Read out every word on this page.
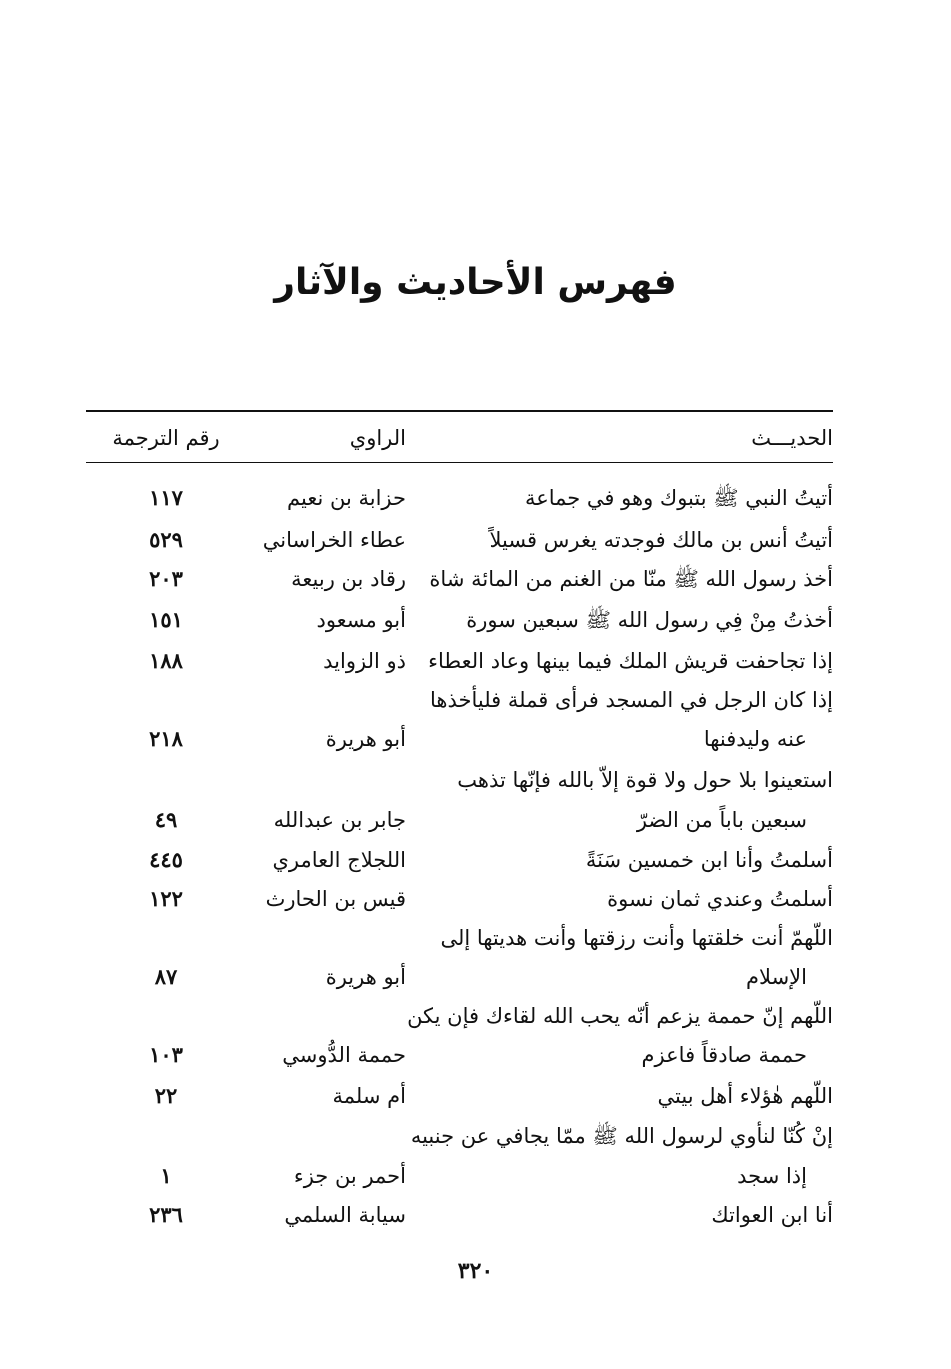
فهرس الأحاديث والآثار
الحديـــث
الراوي
رقم الترجمة
أتيتُ النبي ﷺ بتبوك وهو في جماعة
حزابة بن نعيم
١١٧
أتيتُ أنس بن مالك فوجدته يغرس قسيلاً
عطاء الخراساني
٥٢٩
أخذ رسول الله ﷺ منّا من الغنم من المائة شاة
رقاد بن ربيعة
٢٠٣
أخذتُ مِنْ فِي رسول الله ﷺ سبعين سورة
أبو مسعود
١٥١
إذا تجاحفت قريش الملك فيما بينها وعاد العطاء
ذو الزوايد
١٨٨
إذا كان الرجل في المسجد فرأى قملة فليأخذها
عنه وليدفنها
أبو هريرة
٢١٨
استعينوا بلا حول ولا قوة إلاّ بالله فإنّها تذهب
سبعين باباً من الضرّ
جابر بن عبدالله
٤٩
أسلمتُ وأنا ابن خمسين سَنَةً
اللجلاج العامري
٤٤٥
أسلمتُ وعندي ثمان نسوة
قيس بن الحارث
١٢٢
اللّهمّ أنت خلقتها وأنت رزقتها وأنت هديتها إلى
الإسلام
أبو هريرة
٨٧
اللّهم إنّ حممة يزعم أنّه يحب الله لقاءك فإن يكن
حممة صادقاً فاعزم
حممة الدُّوسي
١٠٣
اللّهم هٰؤلاء أهل بيتي
أم سلمة
٢٢
إنْ كُنّا لنأوي لرسول الله ﷺ ممّا يجافي عن جنبيه
إذا سجد
أحمر بن جزء
١
أنا ابن العواتك
سيابة السلمي
٢٣٦
٣٢٠
